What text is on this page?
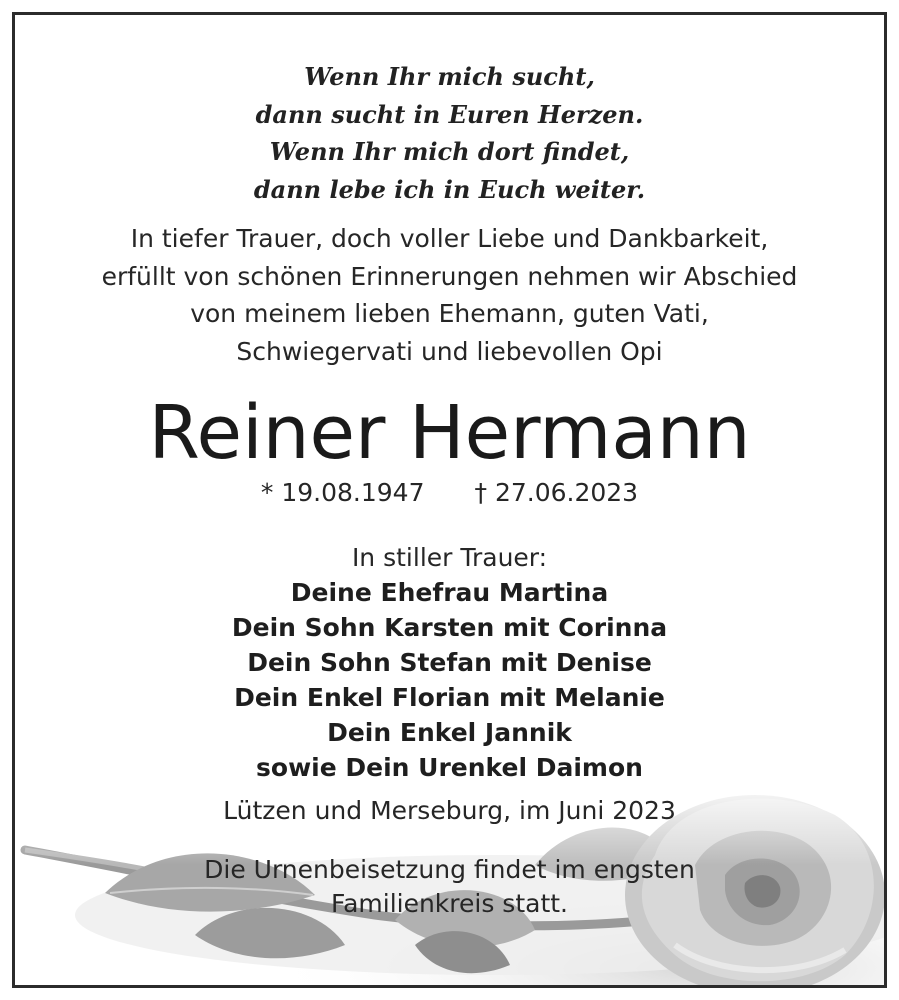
Wenn Ihr mich sucht,
dann sucht in Euren Herzen.
Wenn Ihr mich dort findet,
dann lebe ich in Euch weiter.
In tiefer Trauer, doch voller Liebe und Dankbarkeit,
erfüllt von schönen Erinnerungen nehmen wir Abschied
von meinem lieben Ehemann, guten Vati,
Schwiegervati und liebevollen Opi
Reiner Hermann
* 19.08.1947 † 27.06.2023
In stiller Trauer:
Deine Ehefrau Martina
Dein Sohn Karsten mit Corinna
Dein Sohn Stefan mit Denise
Dein Enkel Florian mit Melanie
Dein Enkel Jannik
sowie Dein Urenkel Daimon
Lützen und Merseburg, im Juni 2023
Die Urnenbeisetzung findet im engsten
Familienkreis statt.
